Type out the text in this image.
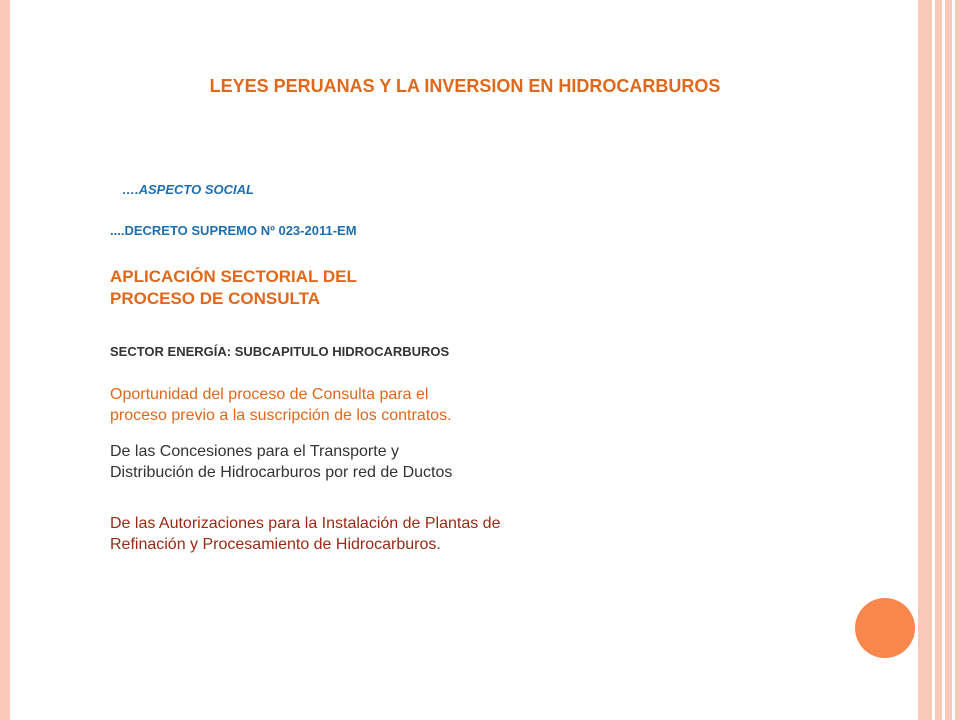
LEYES PERUANAS Y LA INVERSION EN HIDROCARBUROS
….ASPECTO SOCIAL
....DECRETO SUPREMO Nº 023-2011-EM
APLICACIÓN SECTORIAL DEL
PROCESO DE CONSULTA
SECTOR ENERGÍA: SUBCAPITULO HIDROCARBUROS
Oportunidad del proceso de Consulta para el
proceso previo a la suscripción de los contratos.
De las Concesiones para el Transporte y
Distribución de Hidrocarburos por red de Ductos
De las Autorizaciones para la Instalación de Plantas de
Refinación y Procesamiento de Hidrocarburos.
